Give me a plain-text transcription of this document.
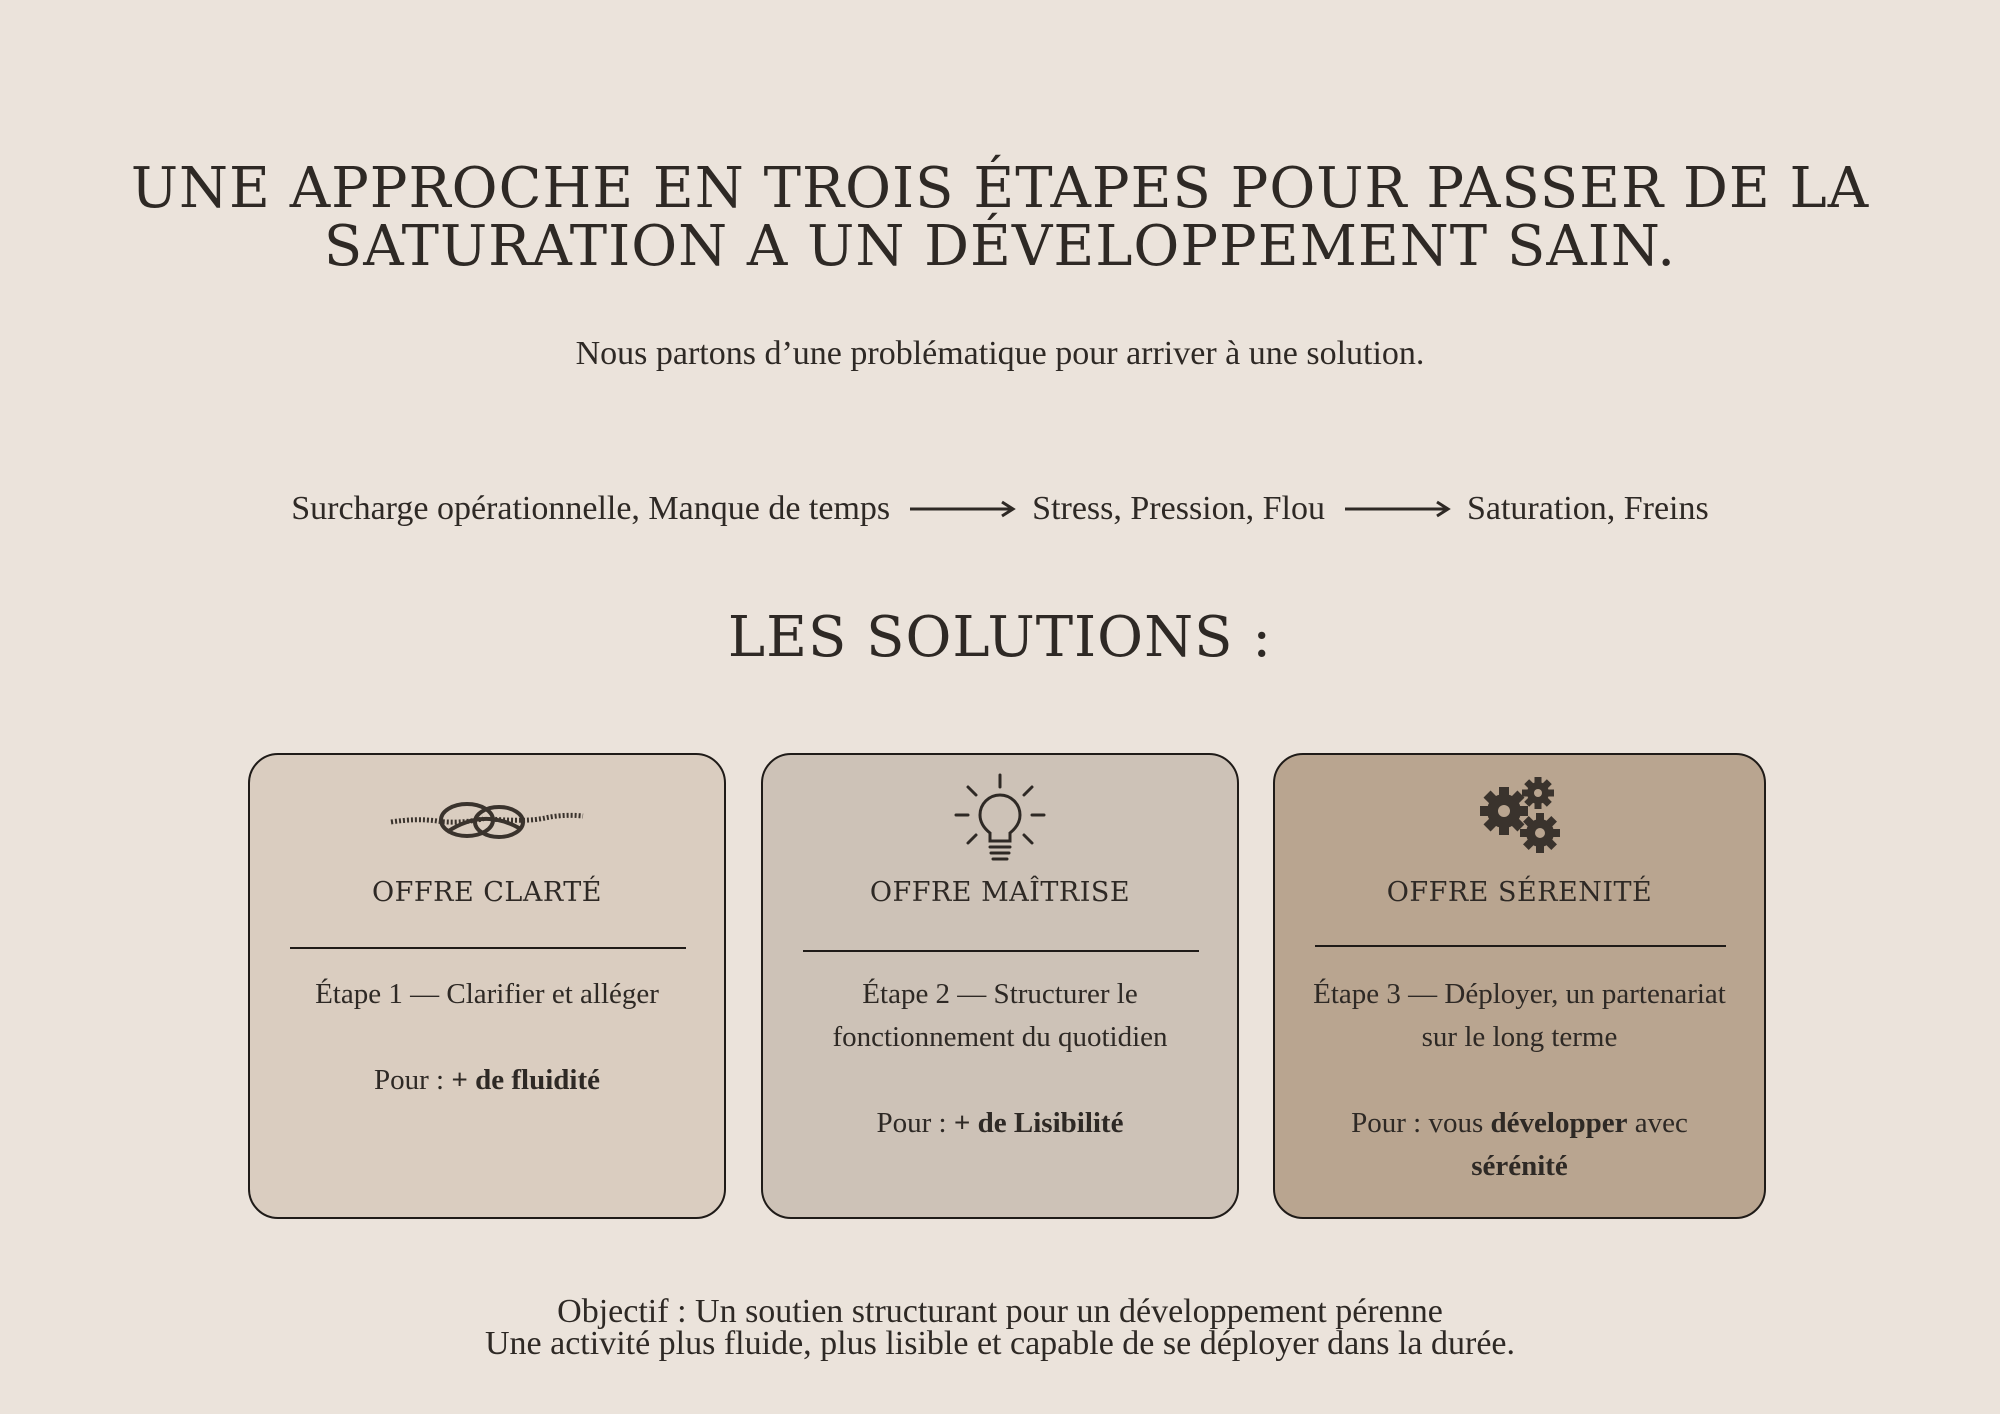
UNE APPROCHE EN TROIS ÉTAPES POUR PASSER DE LA
SATURATION A UN DÉVELOPPEMENT SAIN.
Nous partons d’une problématique pour arriver à une solution.
Surcharge opérationnelle, Manque de temps	Stress, Pression, Flou	Saturation, Freins
LES SOLUTIONS :
OFFRE CLARTÉ

Étape 1 — Clarifier et alléger

Pour : + de fluidité

OFFRE MAÎTRISE

Étape 2 — Structurer le fonctionnement du quotidien

Pour : + de Lisibilité

OFFRE SÉRENITÉ

Étape 3 — Déployer, un partenariat sur le long terme

Pour : vous développer avec
sérénité

Objectif : Un soutien structurant pour un développement pérenne
Une activité plus fluide, plus lisible et capable de se déployer dans la durée.
